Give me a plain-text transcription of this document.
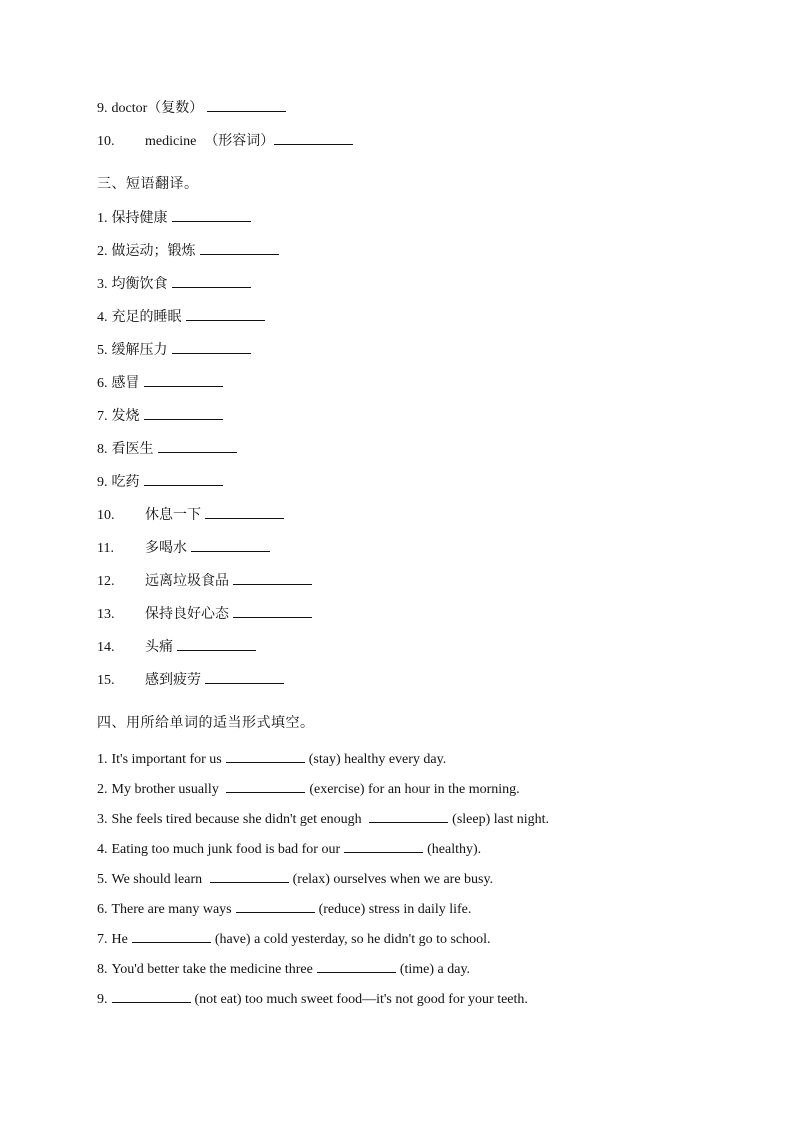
9. doctor（复数）
10. medicine （形容词）
三、短语翻译。
1. 保持健康
2. 做运动；锻炼
3. 均衡饮食
4. 充足的睡眠
5. 缓解压力
6. 感冒
7. 发烧
8. 看医生
9. 吃药
10. 休息一下
11. 多喝水
12. 远离垃圾食品
13. 保持良好心态
14. 头痛
15. 感到疲劳
四、用所给单词的适当形式填空。
1. It's important for us	(stay) healthy every day.
2. My brother usually	(exercise) for an hour in the morning.
3. She feels tired because she didn't get enough	(sleep) last night.
4. Eating too much junk food is bad for our	(healthy).
5. We should learn	(relax) ourselves when we are busy.
6. There are many ways	(reduce) stress in daily life.
7. He	(have) a cold yesterday, so he didn't go to school.
8. You'd better take the medicine three	(time) a day.
9.	(not eat) too much sweet food—it's not good for your teeth.
